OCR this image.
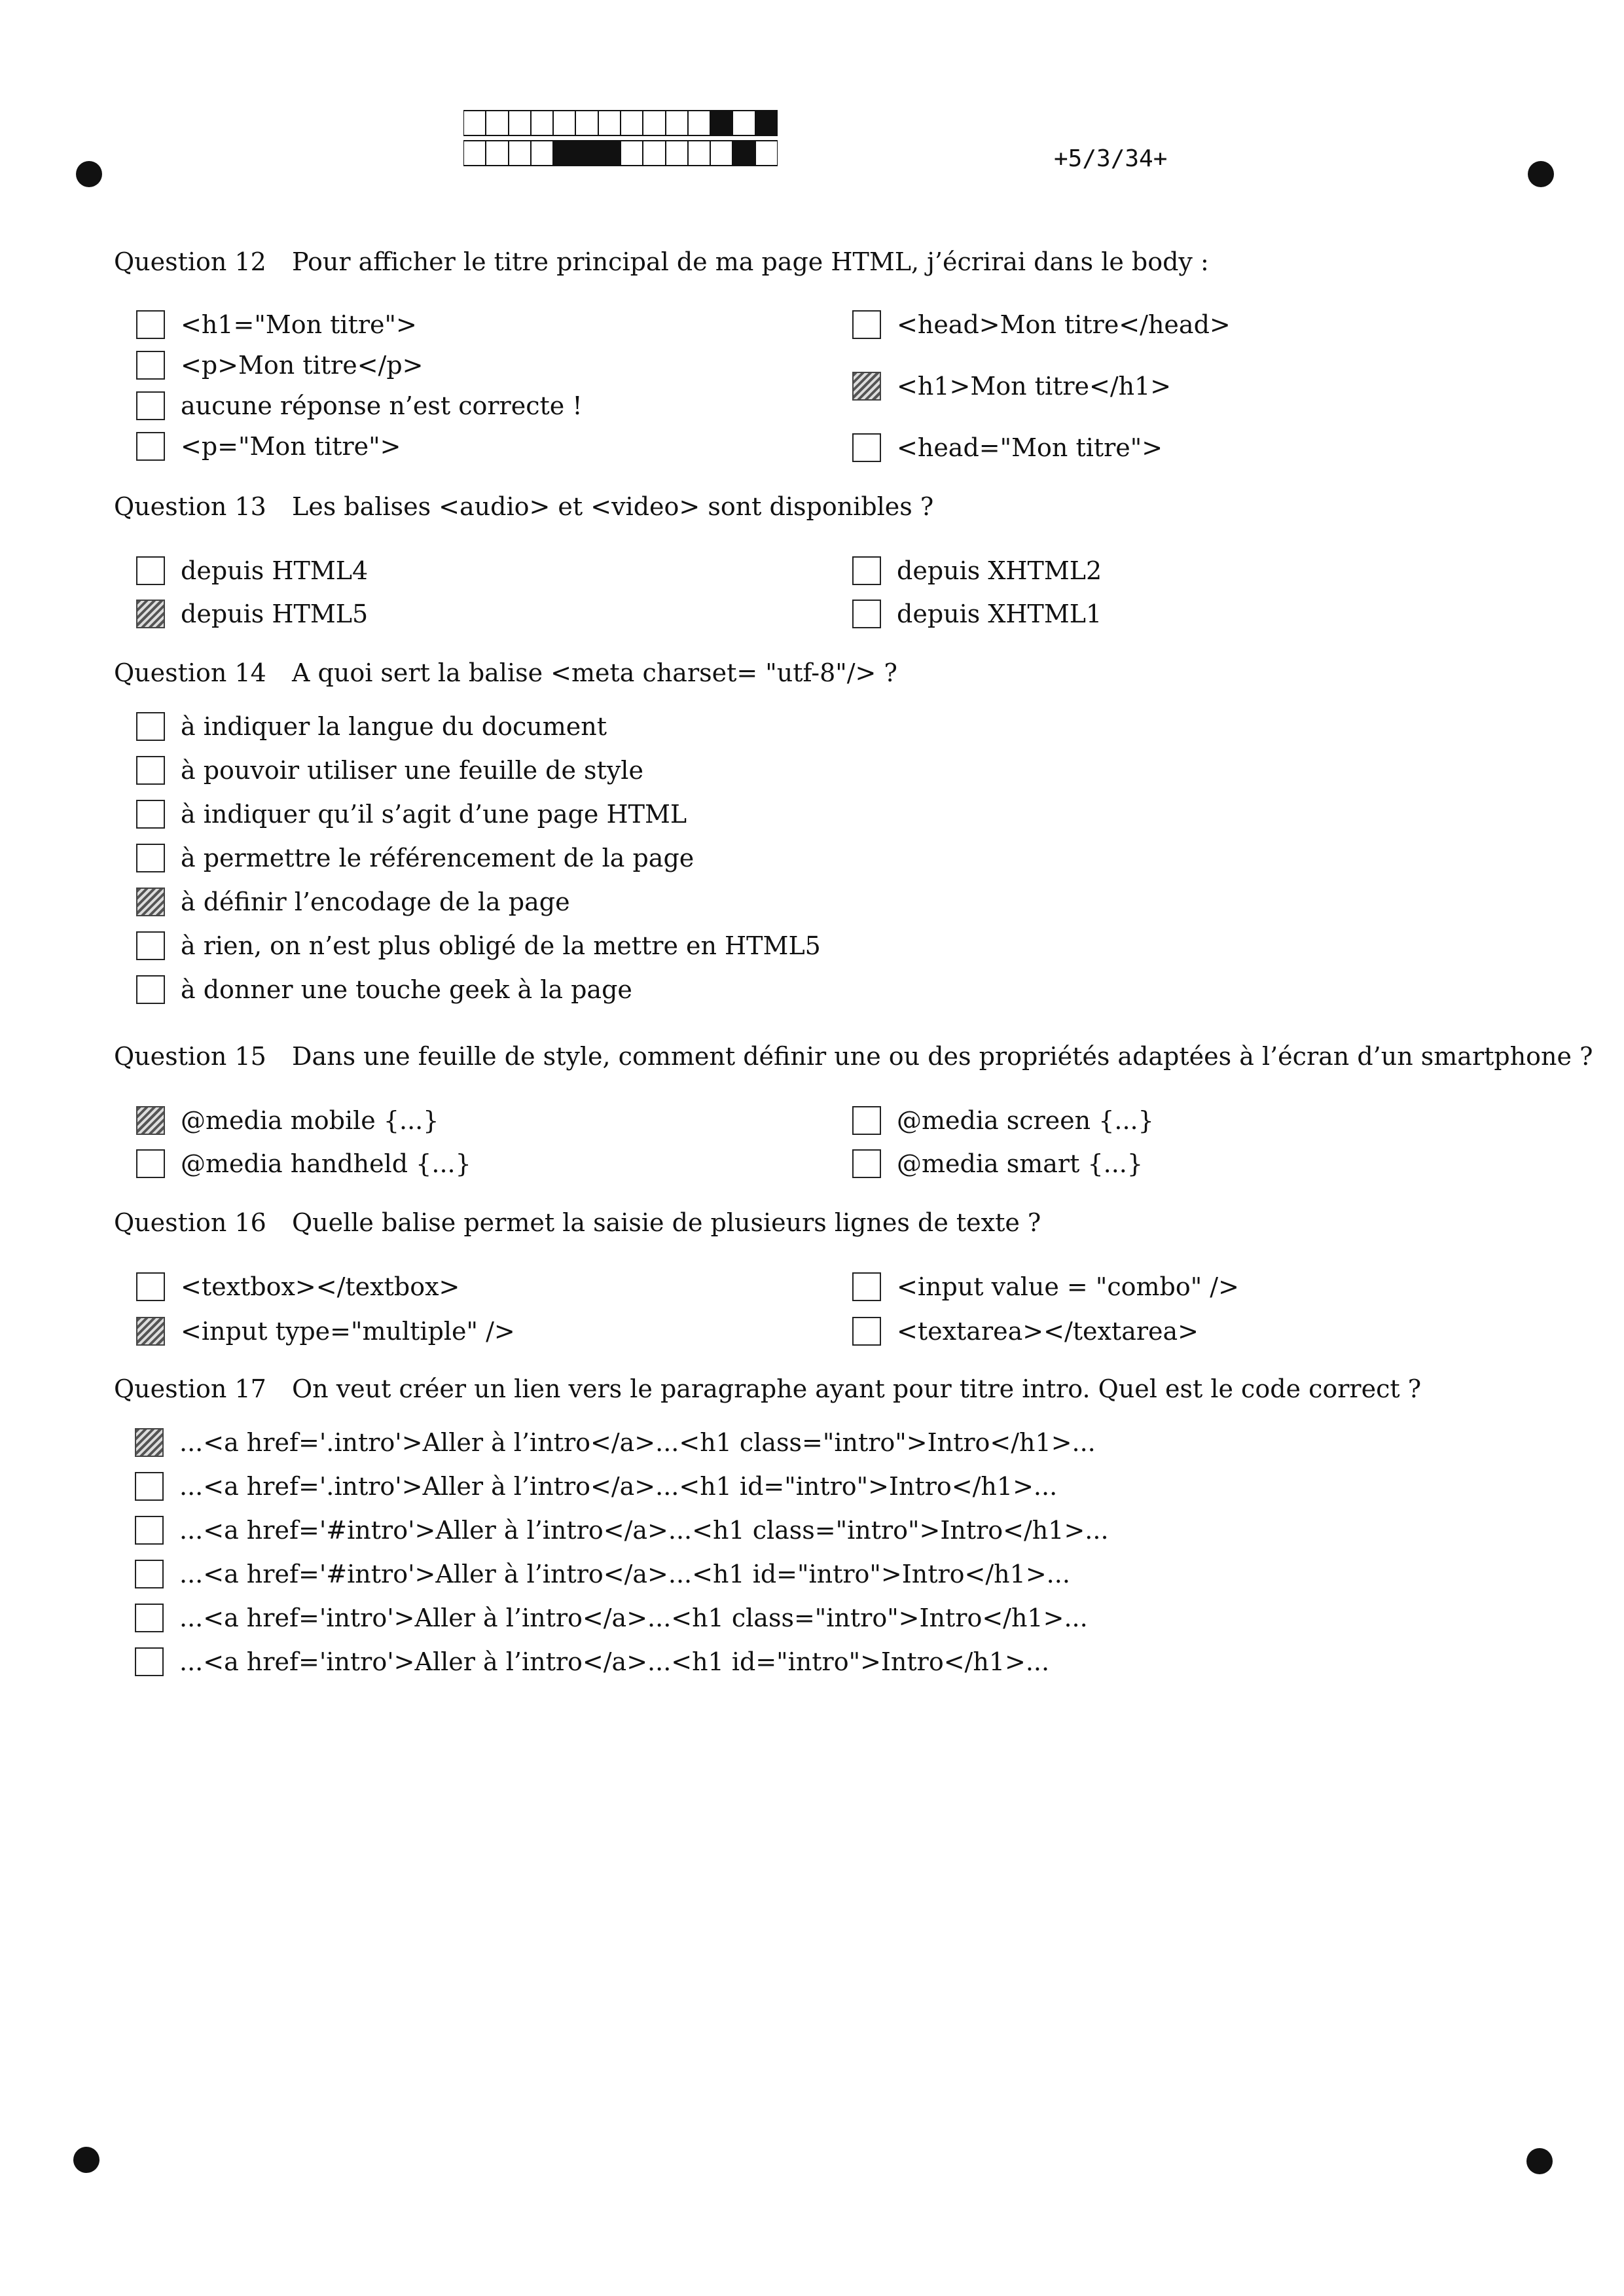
+5/3/34+
Question 12 Pour afficher le titre principal de ma page HTML, j’écrirai dans le body :
<h1="Mon titre">
<p>Mon titre</p>
aucune réponse n’est correcte !
<p="Mon titre">
<head>Mon titre</head>
<h1>Mon titre</h1>
<head="Mon titre">
Question 13 Les balises <audio> et <video> sont disponibles ?
depuis HTML4
depuis HTML5
depuis XHTML2
depuis XHTML1
Question 14 A quoi sert la balise <meta charset= "utf-8"/> ?
à indiquer la langue du document
à pouvoir utiliser une feuille de style
à indiquer qu’il s’agit d’une page HTML
à permettre le référencement de la page
à définir l’encodage de la page
à rien, on n’est plus obligé de la mettre en HTML5
à donner une touche geek à la page
Question 15 Dans une feuille de style, comment définir une ou des propriétés adaptées à l’écran d’un smartphone ?
@media mobile {...}
@media handheld {...}
@media screen {...}
@media smart {...}
Question 16 Quelle balise permet la saisie de plusieurs lignes de texte ?
<textbox></textbox>
<input type="multiple" />
<input value = "combo" />
<textarea></textarea>
Question 17 On veut créer un lien vers le paragraphe ayant pour titre intro. Quel est le code correct ?
...<a href='.intro'>Aller à l’intro</a>...<h1 class="intro">Intro</h1>...
...<a href='.intro'>Aller à l’intro</a>...<h1 id="intro">Intro</h1>...
...<a href='#intro'>Aller à l’intro</a>...<h1 class="intro">Intro</h1>...
...<a href='#intro'>Aller à l’intro</a>...<h1 id="intro">Intro</h1>...
...<a href='intro'>Aller à l’intro</a>...<h1 class="intro">Intro</h1>...
...<a href='intro'>Aller à l’intro</a>...<h1 id="intro">Intro</h1>...
